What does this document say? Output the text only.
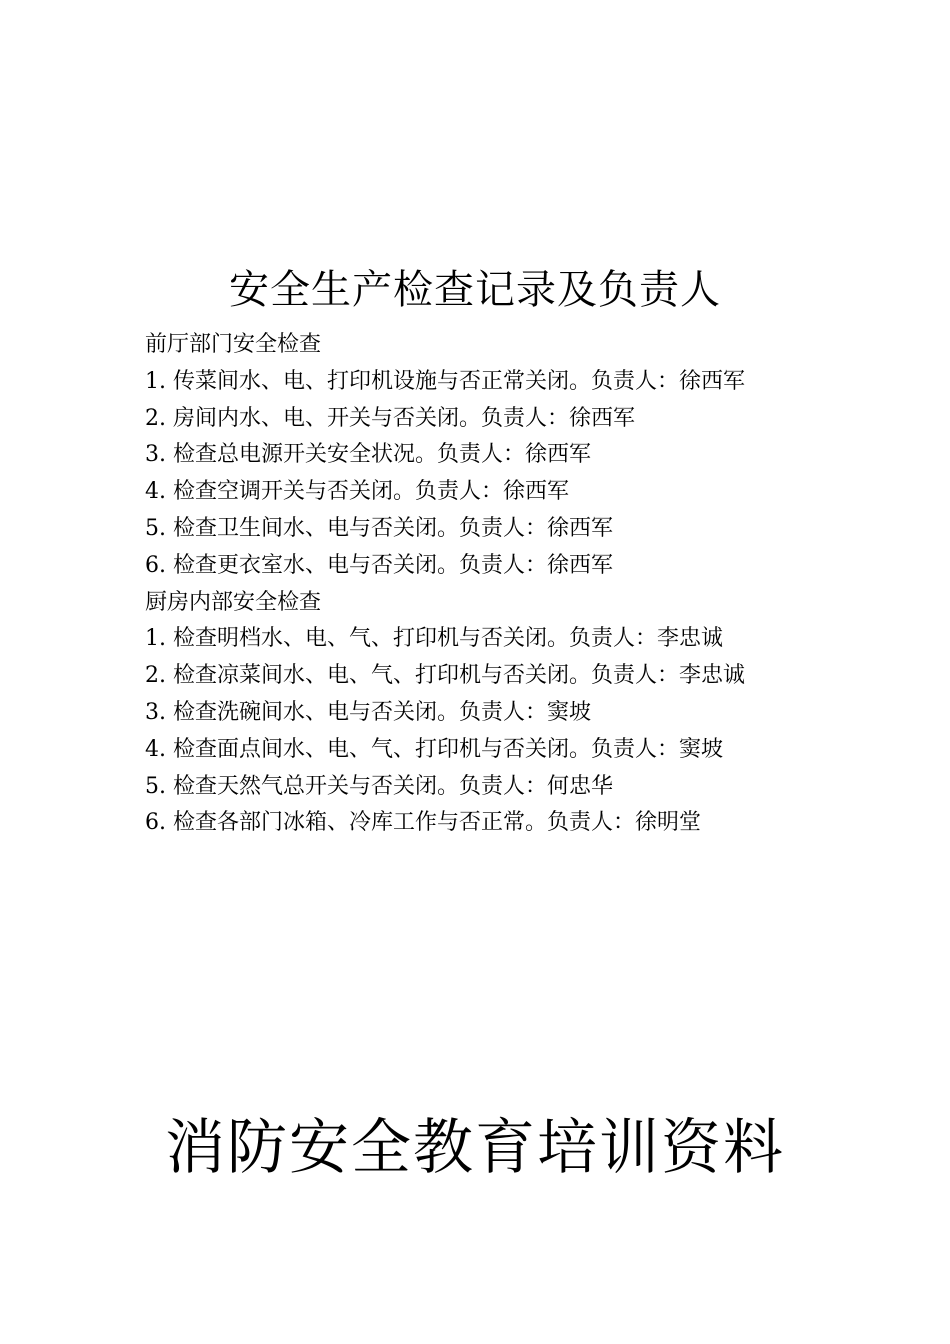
安全生产检查记录及负责人
前厅部门安全检查
1. 传菜间水、电、打印机设施与否正常关闭。负责人：徐西军
2. 房间内水、电、开关与否关闭。负责人：徐西军
3. 检查总电源开关安全状况。负责人：徐西军
4. 检查空调开关与否关闭。负责人：徐西军
5. 检查卫生间水、电与否关闭。负责人：徐西军
6. 检查更衣室水、电与否关闭。负责人：徐西军
厨房内部安全检查
1. 检查明档水、电、气、打印机与否关闭。负责人：李忠诚
2. 检查凉菜间水、电、气、打印机与否关闭。负责人：李忠诚
3. 检查洗碗间水、电与否关闭。负责人：窦坡
4. 检查面点间水、电、气、打印机与否关闭。负责人：窦坡
5. 检查天然气总开关与否关闭。负责人：何忠华
6. 检查各部门冰箱、冷库工作与否正常。负责人：徐明堂
消防安全教育培训资料
